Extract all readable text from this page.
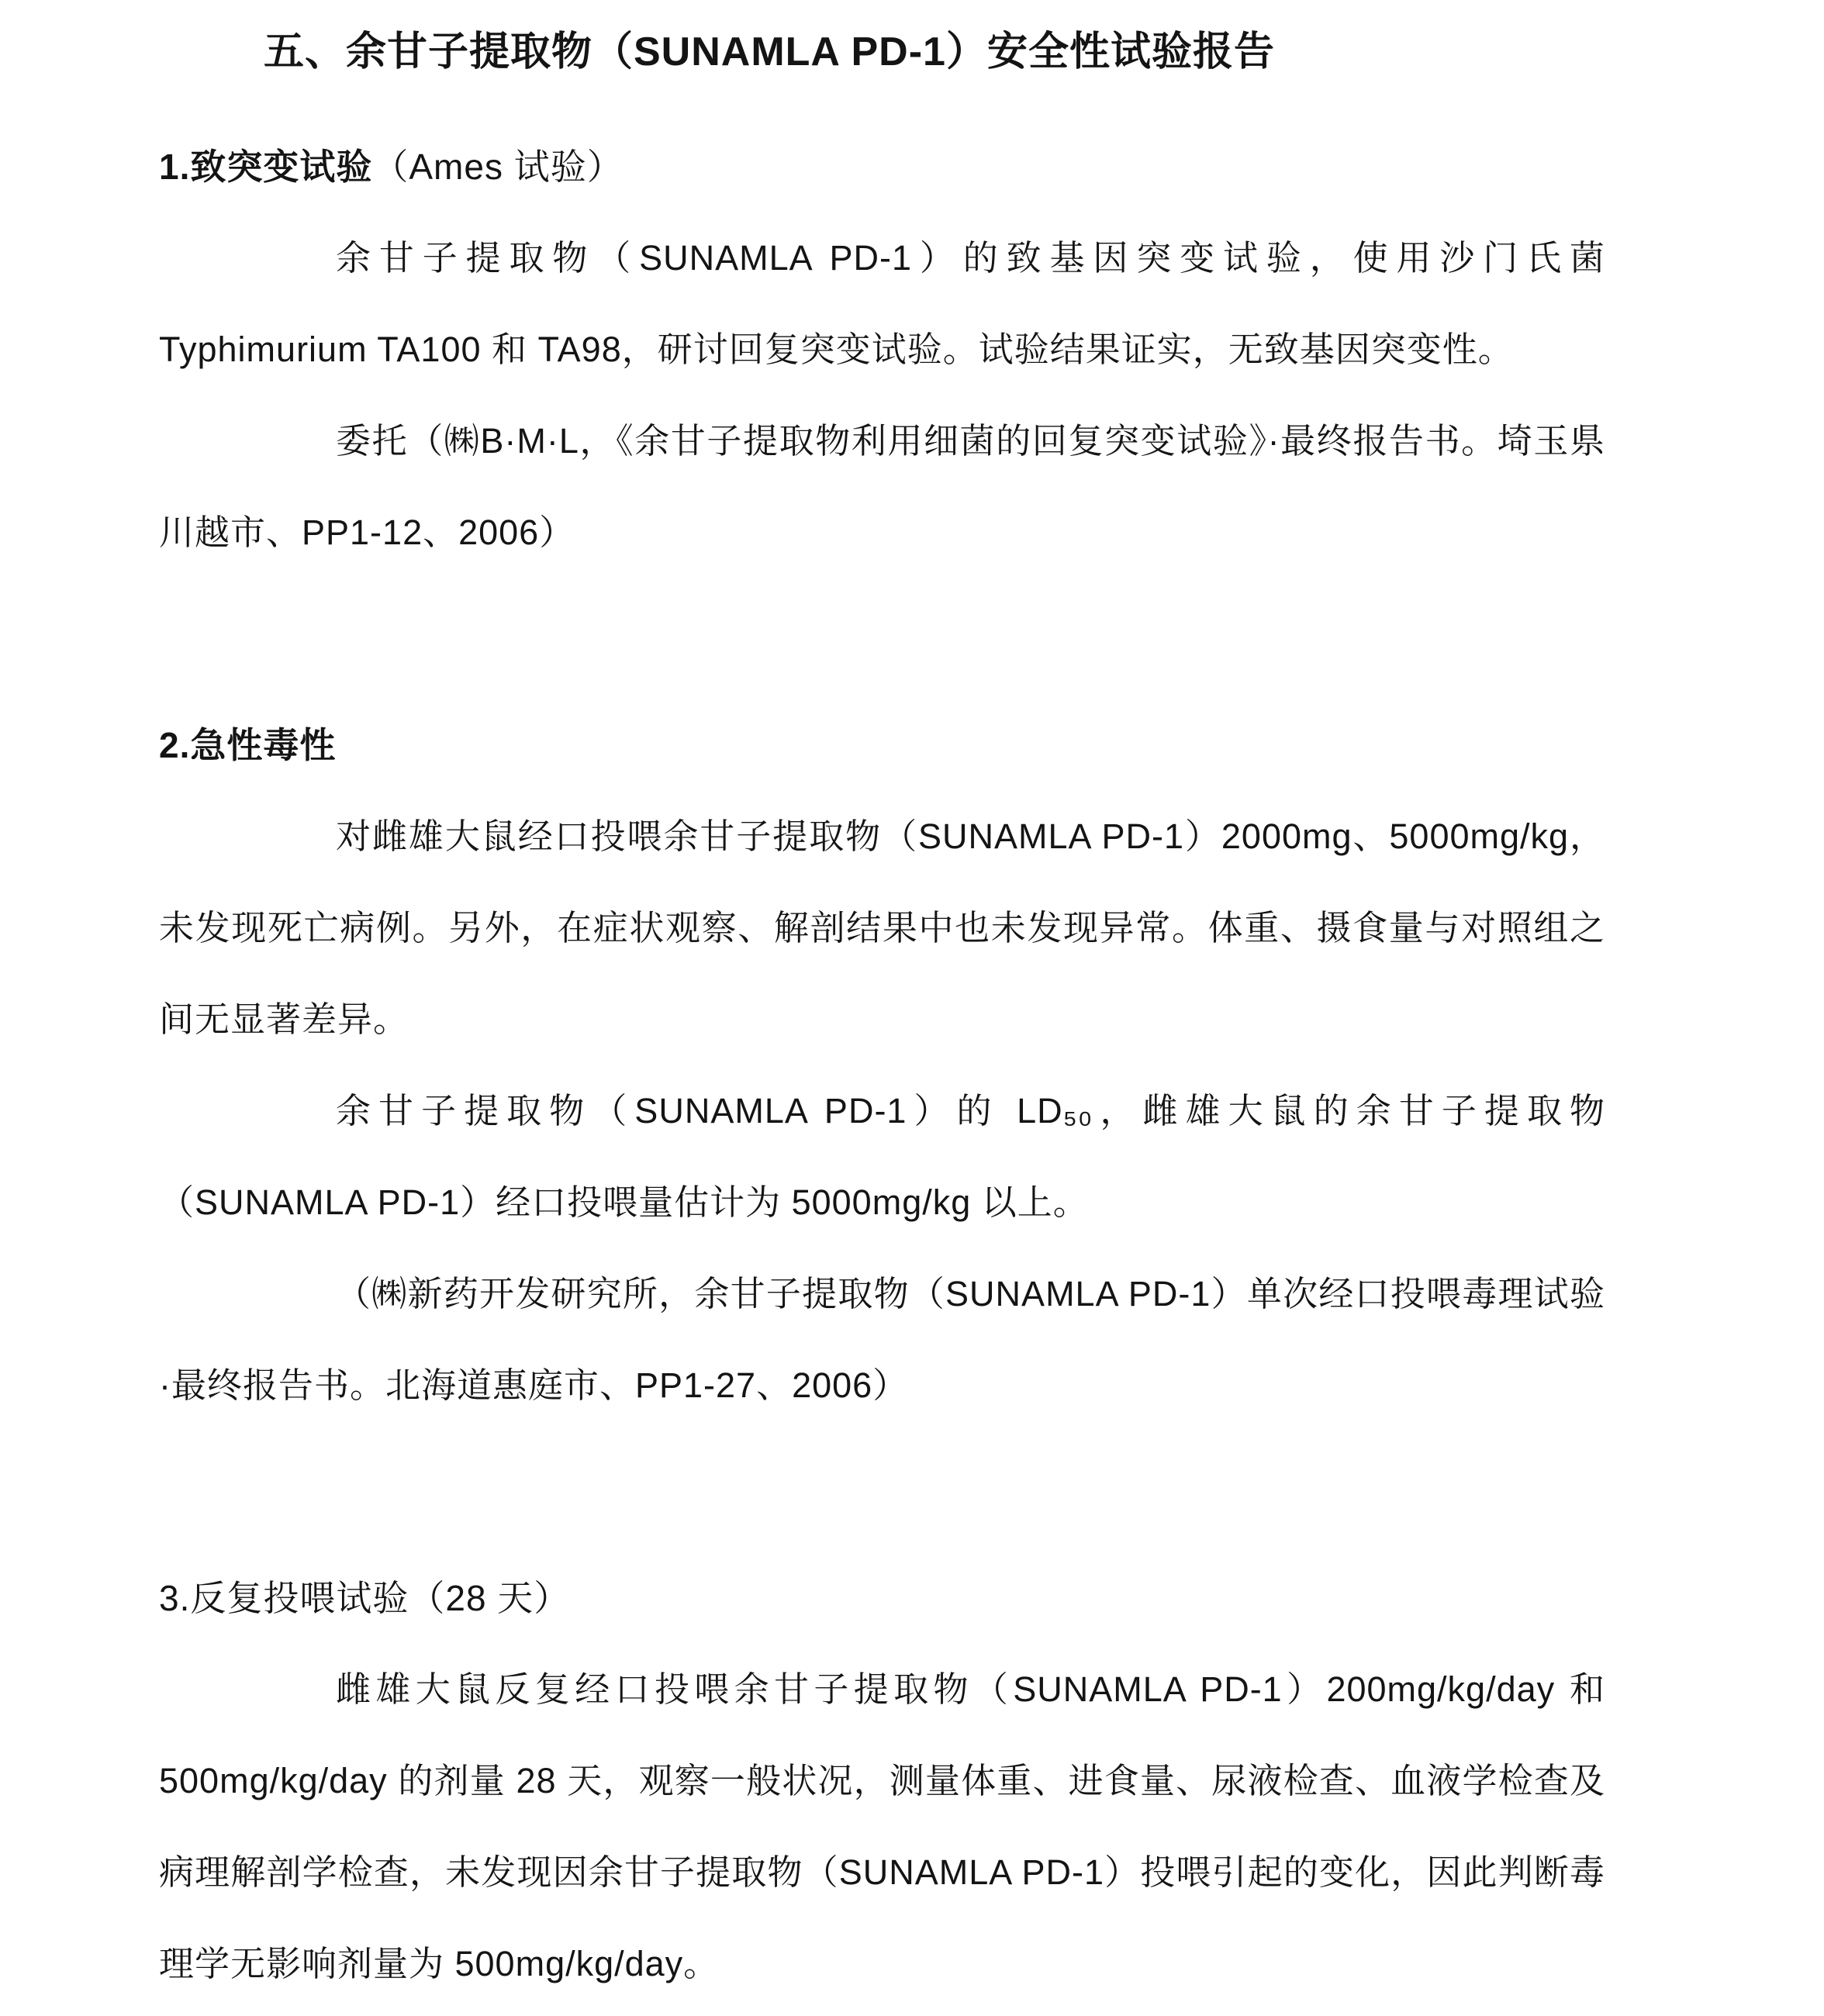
五、余甘子提取物（SUNAMLA PD-1）安全性试验报告
1.致突变试验（Ames 试验）

余甘子提取物（SUNAMLA PD-1）的致基因突变试验，使用沙门氏菌 Typhimurium TA100 和 TA98，研讨回复突变试验。试验结果证实，无致基因突变性。

委托（㈱B·M·L，《余甘子提取物利用细菌的回复突变试验》·最终报告书。埼玉県川越市、PP1-12、2006）

2.急性毒性

对雌雄大鼠经口投喂余甘子提取物（SUNAMLA PD-1）2000mg、5000mg/kg，未发现死亡病例。另外，在症状观察、解剖结果中也未发现异常。体重、摄食量与对照组之间无显著差异。

余甘子提取物（SUNAMLA PD-1）的 LD₅₀，雌雄大鼠的余甘子提取物（SUNAMLA PD-1）经口投喂量估计为 5000mg/kg 以上。

（㈱新药开发研究所，余甘子提取物（SUNAMLA PD-1）单次经口投喂毒理试验·最终报告书。北海道惠庭市、PP1-27、2006）

3.反复投喂试验（28 天）

雌雄大鼠反复经口投喂余甘子提取物（SUNAMLA PD-1）200mg/kg/day 和 500mg/kg/day 的剂量 28 天，观察一般状况，测量体重、进食量、尿液检查、血液学检查及病理解剖学检查，未发现因余甘子提取物（SUNAMLA PD-1）投喂引起的变化，因此判断毒理学无影响剂量为 500mg/kg/day。
